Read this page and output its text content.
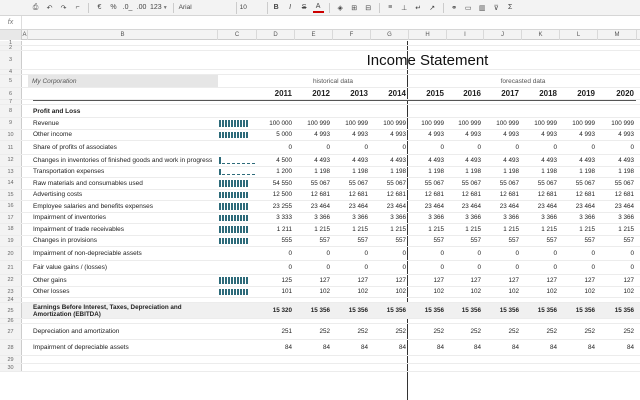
⎙	↶	↷	⌐	€	% .0_ .00 123 ▼ Arial	10	B	I	S	A	◈	⊞	⊟	≡	⊥	↵	↗	⚭	▭	▥	⊽	Σ
fx
A	B	C	D	E	F	G	H	I	J	K	L	M
1
2
3	Income Statement
4
5	My Corporation	historical data	forecasted data
6	2011	2012	2013	2014	2015	2016	2017	2018	2019	2020
7
8	Profit and Loss
9	Revenue	100 000	100 999	100 999	100 999	100 999	100 999	100 999	100 999	100 999	100 999
10	Other income	5 000	4 993	4 993	4 993	4 993	4 993	4 993	4 993	4 993	4 993
11	Share of profits of associates	0	0	0	0	0	0	0	0	0	0
12	Changes in inventories of finished goods and work in progress	4 500	4 493	4 493	4 493	4 493	4 493	4 493	4 493	4 493	4 493
13	Transportation expenses	1 200	1 198	1 198	1 198	1 198	1 198	1 198	1 198	1 198	1 198
14	Raw materials and consumables used	54 550	55 067	55 067	55 067	55 067	55 067	55 067	55 067	55 067	55 067
15	Advertising costs	12 500	12 681	12 681	12 681	12 681	12 681	12 681	12 681	12 681	12 681
16	Employee salaries and benefits expenses	23 255	23 464	23 464	23 464	23 464	23 464	23 464	23 464	23 464	23 464
17	Impairment of inventories	3 333	3 366	3 366	3 366	3 366	3 366	3 366	3 366	3 366	3 366
18	Impairment of trade receivables	1 211	1 215	1 215	1 215	1 215	1 215	1 215	1 215	1 215	1 215
19	Changes in provisions	555	557	557	557	557	557	557	557	557	557
20	Impairment of non-depreciable assets	0	0	0	0	0	0	0	0	0	0
21	Fair value gains / (losses)	0	0	0	0	0	0	0	0	0	0
22	Other gains	125	127	127	127	127	127	127	127	127	127
23	Other losses	101	102	102	102	102	102	102	102	102	102
24
25	Earnings Before Interest, Taxes, Depreciation and Amortization (EBITDA)	15 320	15 356	15 356	15 356	15 356	15 356	15 356	15 356	15 356	15 356
26
27	Depreciation and amortization	251	252	252	252	252	252	252	252	252	252
28	Impairment of depreciable assets	84	84	84	84	84	84	84	84	84	84
29
30
